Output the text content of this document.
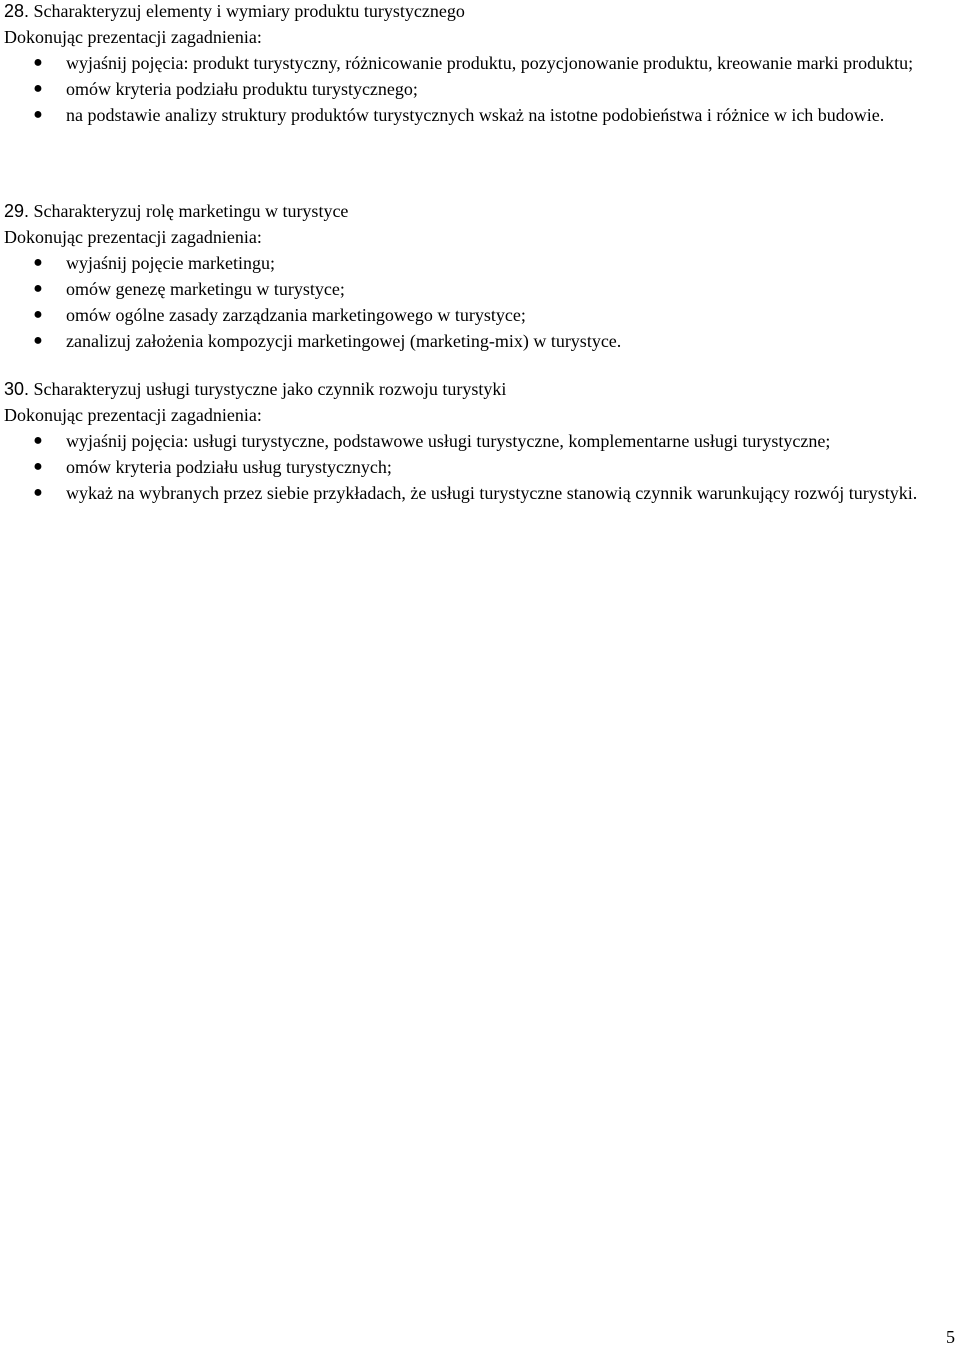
28. Scharakteryzuj elementy i wymiary produktu turystycznego
Dokonując prezentacji zagadnienia:
● wyjaśnij pojęcia: produkt turystyczny, różnicowanie produktu, pozycjonowanie produktu, kreowanie marki produktu;
● omów kryteria podziału produktu turystycznego;
● na podstawie analizy struktury produktów turystycznych wskaż na istotne podobieństwa i różnice w ich budowie.
29. Scharakteryzuj rolę marketingu w turystyce
Dokonując prezentacji zagadnienia:
● wyjaśnij pojęcie marketingu;
● omów genezę marketingu w turystyce;
● omów ogólne zasady zarządzania marketingowego w turystyce;
● zanalizuj założenia kompozycji marketingowej (marketing-mix) w turystyce.
30. Scharakteryzuj usługi turystyczne jako czynnik rozwoju turystyki
Dokonując prezentacji zagadnienia:
● wyjaśnij pojęcia: usługi turystyczne, podstawowe usługi turystyczne, komplementarne usługi turystyczne;
● omów kryteria podziału usług turystycznych;
● wykaż na wybranych przez siebie przykładach, że usługi turystyczne stanowią czynnik warunkujący rozwój turystyki.
5
